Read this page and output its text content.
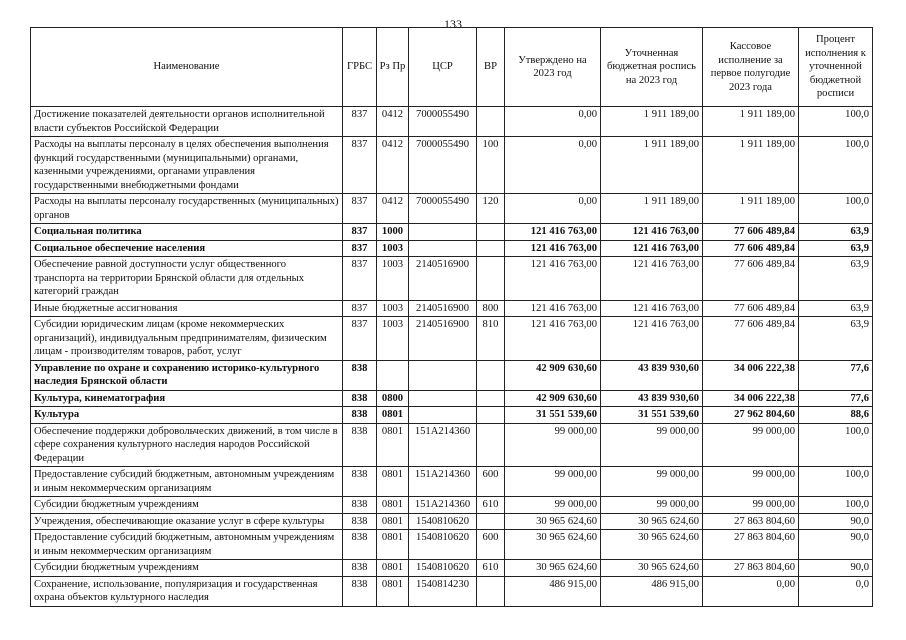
133
Наименование	ГРБС	Рз Пр	ЦСР	ВР	Утверждено на 2023 год	Уточненная бюджетная роспись на 2023 год	Кассовое исполнение за первое полугодие 2023 года	Процент исполнения к уточненной бюджетной росписи
Достижение показателей деятельности органов исполнительной власти субъектов Российской Федерации	837	0412	7000055490		0,00	1 911 189,00	1 911 189,00	100,0
Расходы на выплаты персоналу в целях обеспечения выполнения функций государственными (муниципальными) органами, казенными учреждениями, органами управления государственными внебюджетными фондами	837	0412	7000055490	100	0,00	1 911 189,00	1 911 189,00	100,0
Расходы на выплаты персоналу государственных (муниципальных) органов	837	0412	7000055490	120	0,00	1 911 189,00	1 911 189,00	100,0
Социальная политика	837	1000			121 416 763,00	121 416 763,00	77 606 489,84	63,9
Социальное обеспечение населения	837	1003			121 416 763,00	121 416 763,00	77 606 489,84	63,9
Обеспечение равной доступности услуг общественного транспорта на территории Брянской области для отдельных категорий граждан	837	1003	2140516900		121 416 763,00	121 416 763,00	77 606 489,84	63,9
Иные бюджетные ассигнования	837	1003	2140516900	800	121 416 763,00	121 416 763,00	77 606 489,84	63,9
Субсидии юридическим лицам (кроме некоммерческих организаций), индивидуальным предпринимателям, физическим лицам - производителям товаров, работ, услуг	837	1003	2140516900	810	121 416 763,00	121 416 763,00	77 606 489,84	63,9
Управление по охране и сохранению историко-культурного наследия Брянской области	838				42 909 630,60	43 839 930,60	34 006 222,38	77,6
Культура, кинематография	838	0800			42 909 630,60	43 839 930,60	34 006 222,38	77,6
Культура	838	0801			31 551 539,60	31 551 539,60	27 962 804,60	88,6
Обеспечение поддержки добровольческих движений, в том числе в сфере сохранения культурного наследия народов Российской Федерации	838	0801	151A214360		99 000,00	99 000,00	99 000,00	100,0
Предоставление субсидий бюджетным, автономным учреждениям и иным некоммерческим организациям	838	0801	151A214360	600	99 000,00	99 000,00	99 000,00	100,0
Субсидии бюджетным учреждениям	838	0801	151A214360	610	99 000,00	99 000,00	99 000,00	100,0
Учреждения, обеспечивающие оказание услуг в сфере культуры	838	0801	1540810620		30 965 624,60	30 965 624,60	27 863 804,60	90,0
Предоставление субсидий бюджетным, автономным учреждениям и иным некоммерческим организациям	838	0801	1540810620	600	30 965 624,60	30 965 624,60	27 863 804,60	90,0
Субсидии бюджетным учреждениям	838	0801	1540810620	610	30 965 624,60	30 965 624,60	27 863 804,60	90,0
Сохранение, использование, популяризация и государственная охрана объектов культурного наследия	838	0801	1540814230		486 915,00	486 915,00	0,00	0,0
